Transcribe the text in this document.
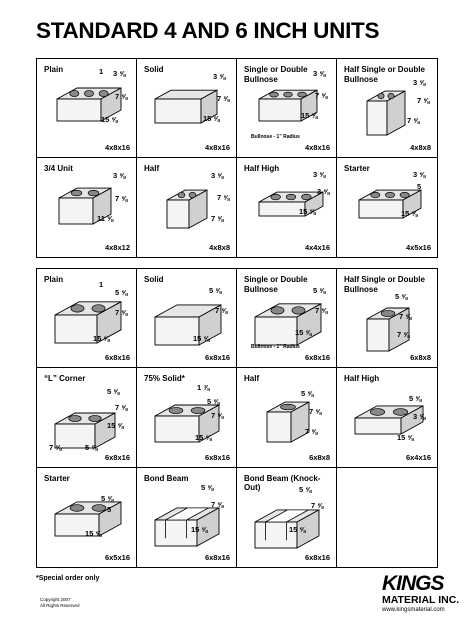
STANDARD 4 AND 6 INCH UNITS
Plain	1 3 ⅝
7 ⅝
15 ⅝
4x8x16
Solid
3 ⅝
7 ⅝
15 ⅝
4x8x16
Single or Double Bullnose
3 ⅝
7 ⅝
15 ⅝
Bullnose - 1" Radius
4x8x16
Half Single or Double Bullnose	3 ⅝
7 ⅝
7 ⅝
4x8x8
3/4 Unit
3 ⅝
7 ⅝
11 ⅝
4x8x12
Half
3 ⅝
7 ⅝
7 ⅝
4x8x8
Half High
3 ⅝
3 ⅝
15 ⅝
4x4x16
Starter
3 ⅝
5
15 ⅝
4x5x16
Plain
1
5 ⅝
7 ⅝
15 ⅝
6x8x16
Solid
5 ⅝
7 ⅝
15 ⅝
6x8x16
Single or Double Bullnose	5 ⅝
7 ⅝
15 ⅝
Bullnose - 1" Radius
6x8x16
Half Single or Double Bullnose
5 ⅝
7 ⅝
7 ⅝
6x8x8
“L” Corner
5 ⅝
7 ⅝
15 ⅝
7 ⅝	5 ⅝
6x8x16
75% Solid*
1 ⅞
5 ⅝
7 ⅝
15 ⅝
6x8x16
Half
5 ⅝
7 ⅝
7 ⅝
6x8x8
Half High
5 ⅝
3 ⅝
15 ⅝
6x4x16
Starter
5 ⅝
5
15 ⅝
6x5x16
Bond Beam
5 ⅝
7 ⅝
15 ⅝
6x8x16
Bond Beam (Knock-Out)	5 ⅝
7 ⅝
15 ⅝
6x8x16
*Special order only
Copyright 2007
All Rights Reserved
KINGS
MATERIAL INC.
www.kingsmaterial.com
